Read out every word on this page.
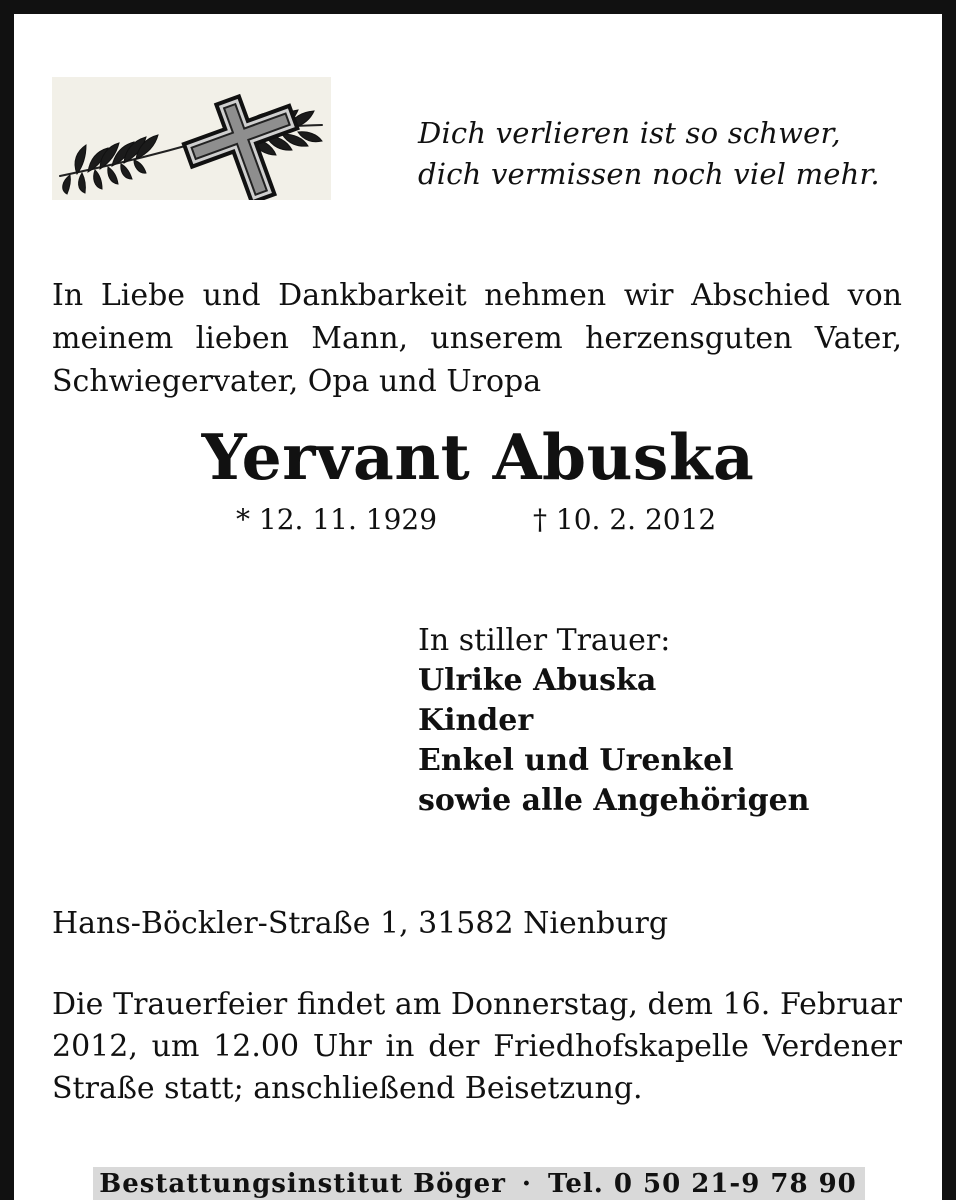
Dich verlieren ist so schwer,
dich vermissen noch viel mehr.
In Liebe und Dankbarkeit nehmen wir Abschied von meinem lieben Mann, unserem herzensguten Vater, Schwiegervater, Opa und Uropa
Yervant Abuska
* 12. 11. 1929	† 10. 2. 2012
In stiller Trauer:
Ulrike Abuska
Kinder
Enkel und Urenkel
sowie alle Angehörigen
Hans-Böckler-Straße 1, 31582 Nienburg
Die Trauerfeier findet am Donnerstag, dem 16. Februar 2012, um 12.00 Uhr in der Friedhofskapelle Verdener Straße statt; anschließend Beisetzung.
Bestattungsinstitut Böger · Tel. 0 50 21-9 78 90
